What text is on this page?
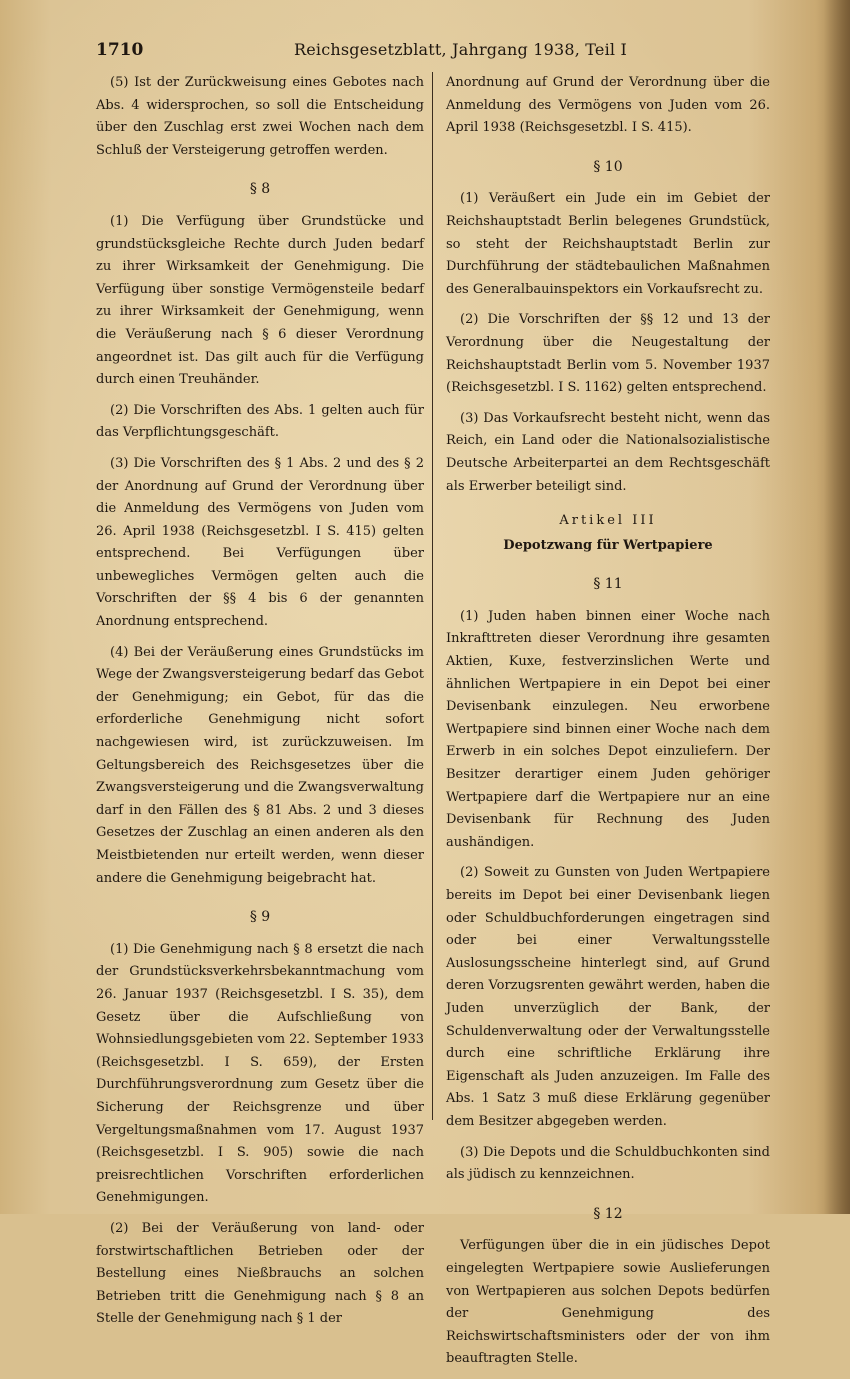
1710	Reichsgesetzblatt, Jahrgang 1938, Teil I

(5) Ist der Zurückweisung eines Gebotes nach Abs. 4 widersprochen, so soll die Entscheidung über den Zuschlag erst zwei Wochen nach dem Schluß der Versteigerung getroffen werden.

§ 8

(1) Die Verfügung über Grundstücke und grundstücksgleiche Rechte durch Juden bedarf zu ihrer Wirksamkeit der Genehmigung. Die Verfügung über sonstige Vermögensteile bedarf zu ihrer Wirksamkeit der Genehmigung, wenn die Veräußerung nach § 6 dieser Verordnung angeordnet ist. Das gilt auch für die Verfügung durch einen Treuhänder.

(2) Die Vorschriften des Abs. 1 gelten auch für das Verpflichtungsgeschäft.

(3) Die Vorschriften des § 1 Abs. 2 und des § 2 der Anordnung auf Grund der Verordnung über die Anmeldung des Vermögens von Juden vom 26. April 1938 (Reichsgesetzbl. I S. 415) gelten entsprechend. Bei Verfügungen über unbewegliches Vermögen gelten auch die Vorschriften der §§ 4 bis 6 der genannten Anordnung entsprechend.

(4) Bei der Veräußerung eines Grundstücks im Wege der Zwangsversteigerung bedarf das Gebot der Genehmigung; ein Gebot, für das die erforderliche Genehmigung nicht sofort nachgewiesen wird, ist zurückzuweisen. Im Geltungsbereich des Reichsgesetzes über die Zwangsversteigerung und die Zwangsverwaltung darf in den Fällen des § 81 Abs. 2 und 3 dieses Gesetzes der Zuschlag an einen anderen als den Meistbietenden nur erteilt werden, wenn dieser andere die Genehmigung beigebracht hat.

§ 9

(1) Die Genehmigung nach § 8 ersetzt die nach der Grundstücksverkehrsbekanntmachung vom 26. Januar 1937 (Reichsgesetzbl. I S. 35), dem Gesetz über die Aufschließung von Wohnsiedlungsgebieten vom 22. September 1933 (Reichsgesetzbl. I S. 659), der Ersten Durchführungsverordnung zum Gesetz über die Sicherung der Reichsgrenze und über Vergeltungsmaßnahmen vom 17. August 1937 (Reichsgesetzbl. I S. 905) sowie die nach preisrechtlichen Vorschriften erforderlichen Genehmigungen.

(2) Bei der Veräußerung von land- oder forstwirtschaftlichen Betrieben oder der Bestellung eines Nießbrauchs an solchen Betrieben tritt die Genehmigung nach § 8 an Stelle der Genehmigung nach § 1 der

Anordnung auf Grund der Verordnung über die Anmeldung des Vermögens von Juden vom 26. April 1938 (Reichsgesetzbl. I S. 415).

§ 10

(1) Veräußert ein Jude ein im Gebiet der Reichshauptstadt Berlin belegenes Grundstück, so steht der Reichshauptstadt Berlin zur Durchführung der städtebaulichen Maßnahmen des Generalbauinspektors ein Vorkaufsrecht zu.

(2) Die Vorschriften der §§ 12 und 13 der Verordnung über die Neugestaltung der Reichshauptstadt Berlin vom 5. November 1937 (Reichsgesetzbl. I S. 1162) gelten entsprechend.

(3) Das Vorkaufsrecht besteht nicht, wenn das Reich, ein Land oder die Nationalsozialistische Deutsche Arbeiterpartei an dem Rechtsgeschäft als Erwerber beteiligt sind.

Artikel III
Depotzwang für Wertpapiere
§ 11

(1) Juden haben binnen einer Woche nach Inkrafttreten dieser Verordnung ihre gesamten Aktien, Kuxe, festverzinslichen Werte und ähnlichen Wertpapiere in ein Depot bei einer Devisenbank einzulegen. Neu erworbene Wertpapiere sind binnen einer Woche nach dem Erwerb in ein solches Depot einzuliefern. Der Besitzer derartiger einem Juden gehöriger Wertpapiere darf die Wertpapiere nur an eine Devisenbank für Rechnung des Juden aushändigen.

(2) Soweit zu Gunsten von Juden Wertpapiere bereits im Depot bei einer Devisenbank liegen oder Schuldbuchforderungen eingetragen sind oder bei einer Verwaltungsstelle Auslosungsscheine hinterlegt sind, auf Grund deren Vorzugsrenten gewährt werden, haben die Juden unverzüglich der Bank, der Schuldenverwaltung oder der Verwaltungsstelle durch eine schriftliche Erklärung ihre Eigenschaft als Juden anzuzeigen. Im Falle des Abs. 1 Satz 3 muß diese Erklärung gegenüber dem Besitzer abgegeben werden.

(3) Die Depots und die Schuldbuchkonten sind als jüdisch zu kennzeichnen.

§ 12

Verfügungen über die in ein jüdisches Depot eingelegten Wertpapiere sowie Auslieferungen von Wertpapieren aus solchen Depots bedürfen der Genehmigung des Reichswirtschaftsministers oder der von ihm beauftragten Stelle.
